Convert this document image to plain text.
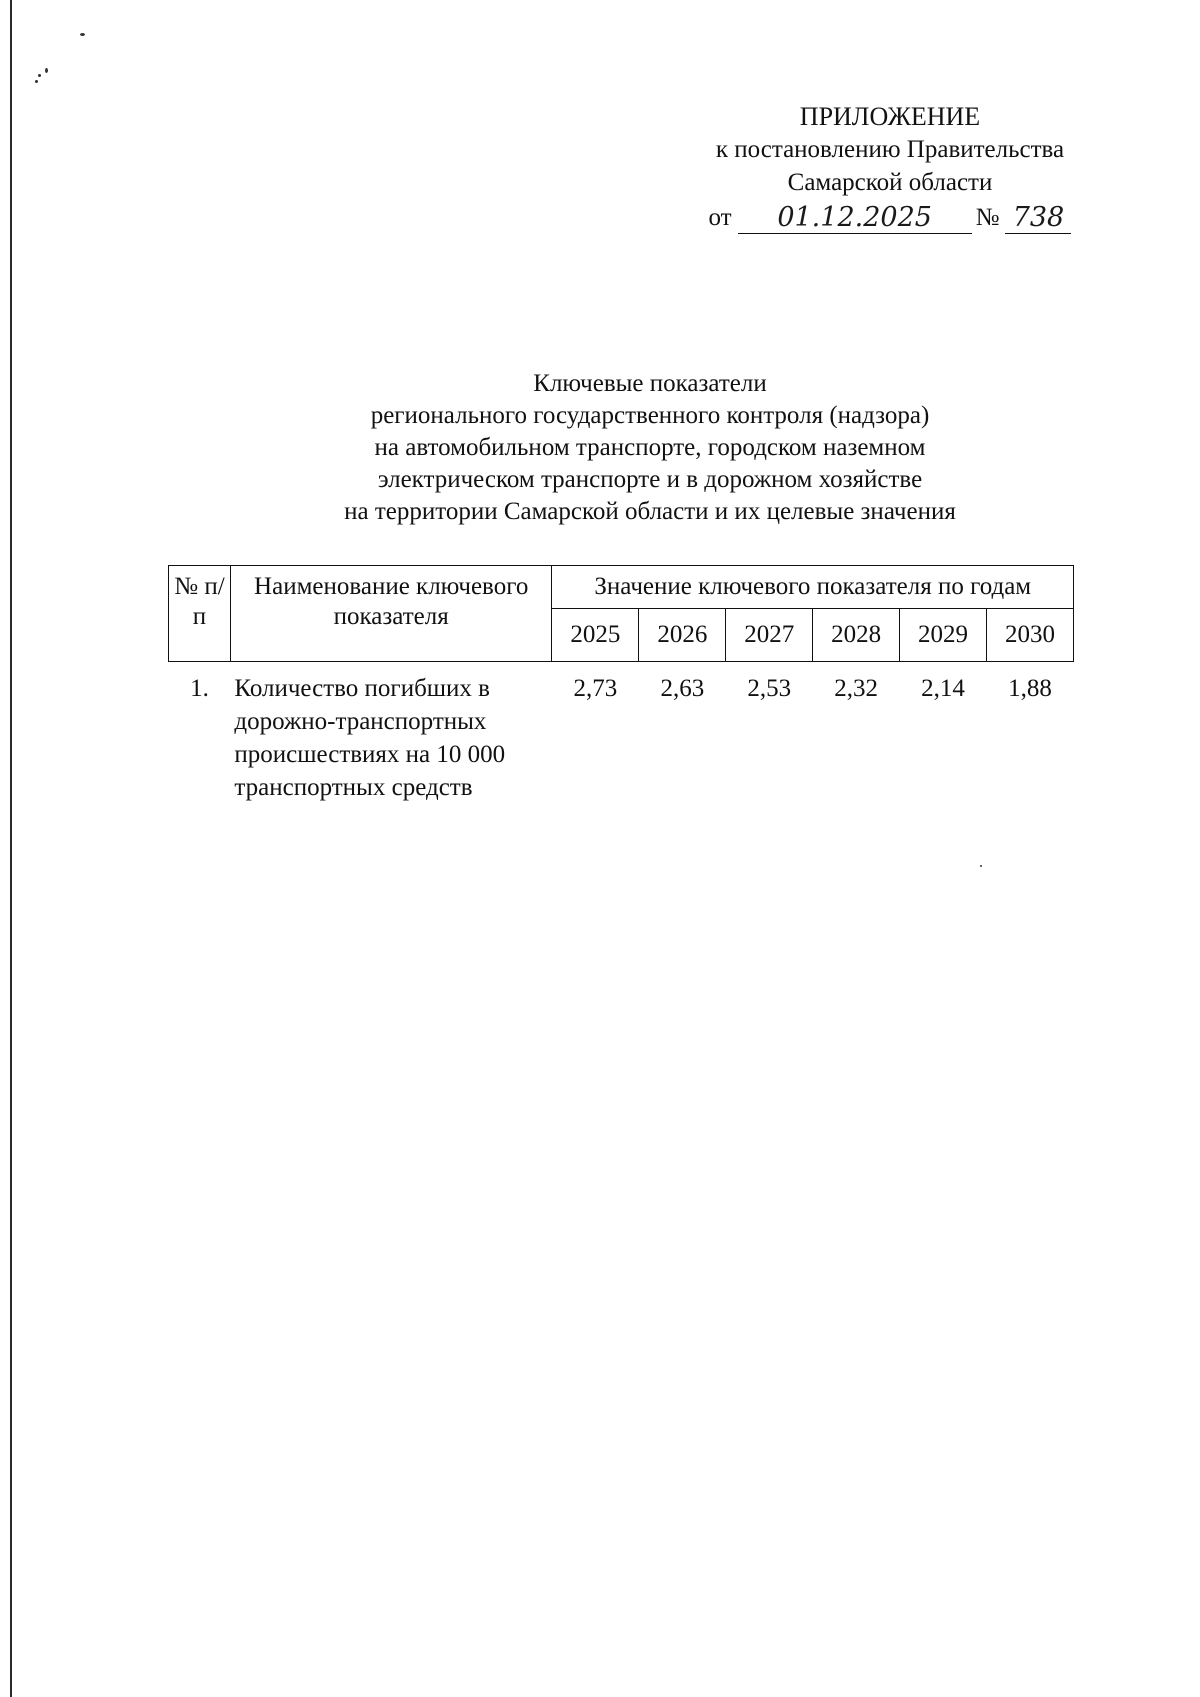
ПРИЛОЖЕНИЕ
к постановлению Правительства
Самарской области
от	01.12.2025	№ 738
Ключевые показатели
регионального государственного контроля (надзора)
на автомобильном транспорте, городском наземном
электрическом транспорте и в дорожном хозяйстве
на территории Самарской области и их целевые значения
№ п/п	Наименование ключевого показателя	Значение ключевого показателя по годам					
		2025	2026	2027	2028	2029	2030
1.	Количество погибших в дорожно-транспортных происшествиях на 10 000 транспортных средств	2,73	2,63	2,53	2,32	2,14	1,88
